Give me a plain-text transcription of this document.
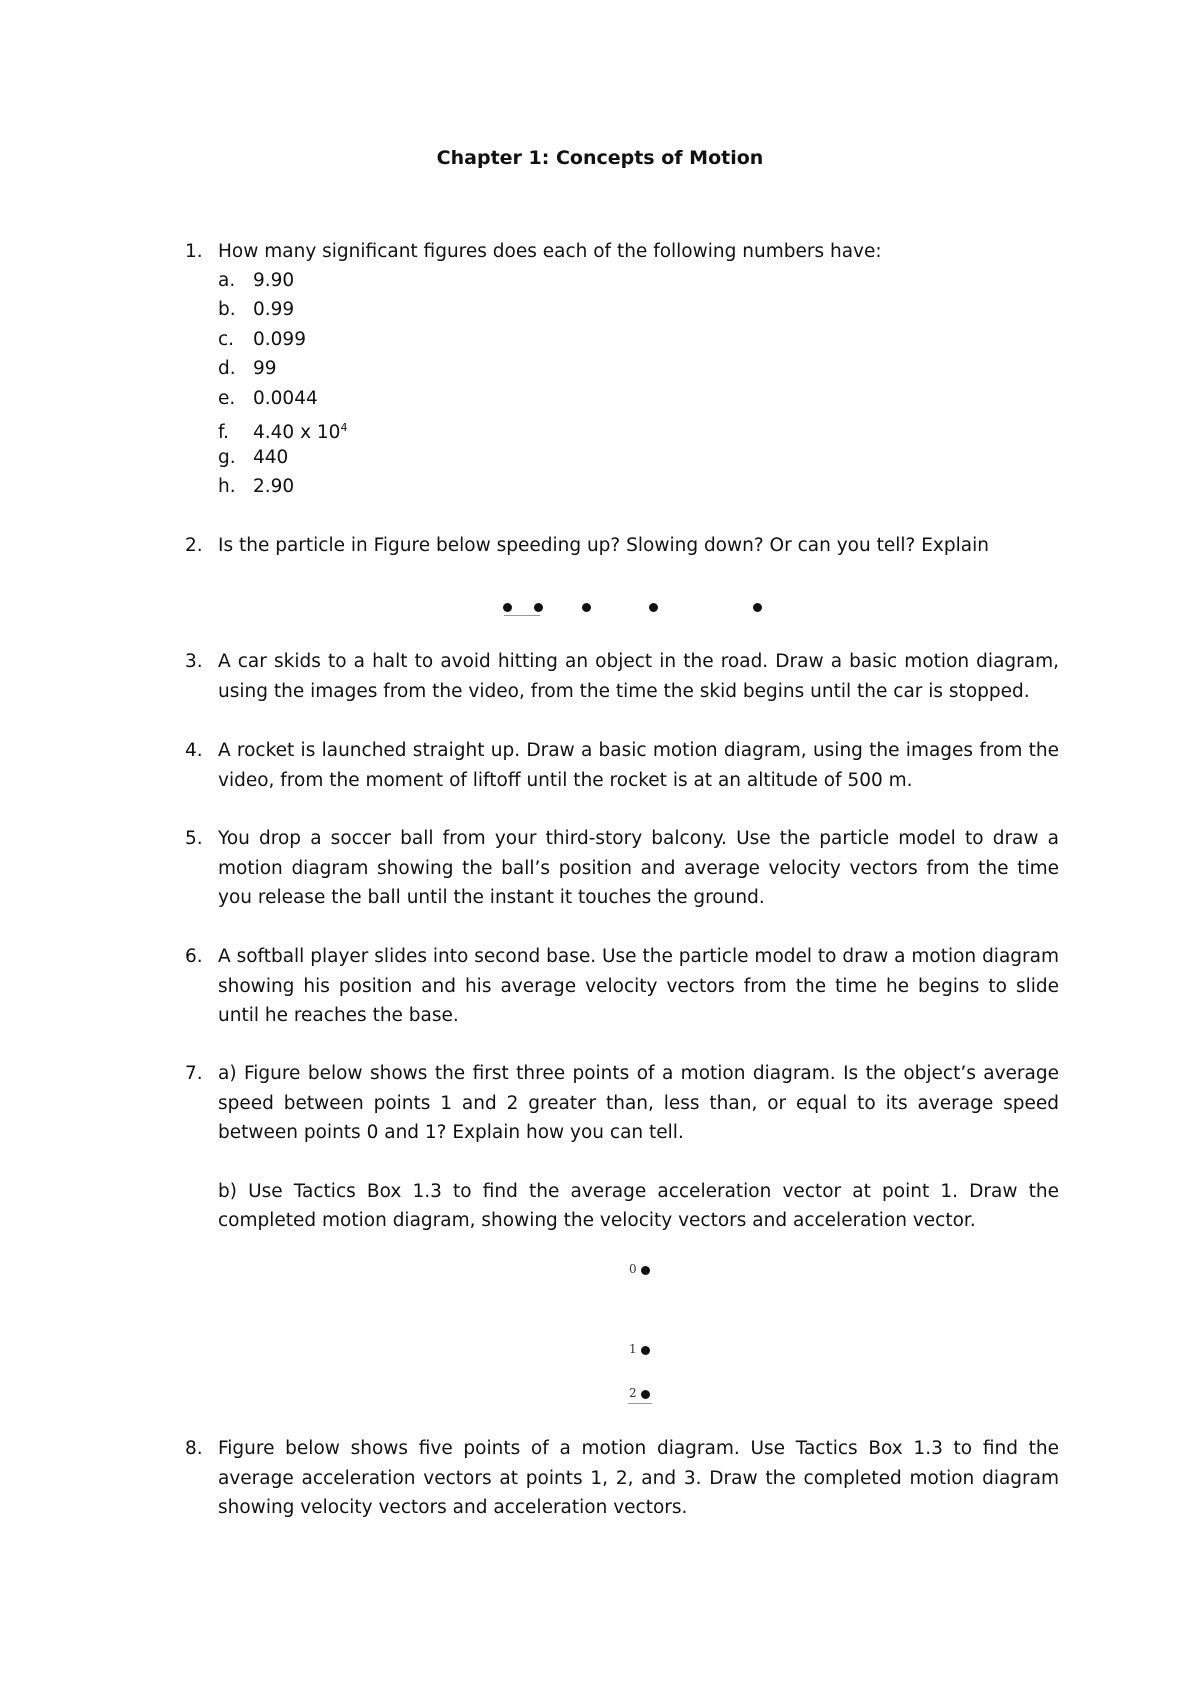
Chapter 1: Concepts of Motion
1. How many significant figures does each of the following numbers have:
a. 9.90
b. 0.99
c. 0.099
d. 99
e. 0.0044
f. 4.40 x $10^4$
g. 440
h. 2.90
2. Is the particle in Figure below speeding up? Slowing down? Or can you tell? Explain
3. A car skids to a halt to avoid hitting an object in the road. Draw a basic motion diagram, using the images from the video, from the time the skid begins until the car is stopped.
4. A rocket is launched straight up. Draw a basic motion diagram, using the images from the video, from the moment of liftoff until the rocket is at an altitude of 500 m.
5. You drop a soccer ball from your third-story balcony. Use the particle model to draw a motion diagram showing the ball’s position and average velocity vectors from the time you release the ball until the instant it touches the ground.
6. A softball player slides into second base. Use the particle model to draw a motion diagram showing his position and his average velocity vectors from the time he begins to slide until he reaches the base.
7. a) Figure below shows the first three points of a motion diagram. Is the object’s average speed between points 1 and 2 greater than, less than, or equal to its average speed between points 0 and 1? Explain how you can tell.
b) Use Tactics Box 1.3 to find the average acceleration vector at point 1. Draw the completed motion diagram, showing the velocity vectors and acceleration vector.
0
1
2
8. Figure below shows five points of a motion diagram. Use Tactics Box 1.3 to find the average acceleration vectors at points 1, 2, and 3. Draw the completed motion diagram showing velocity vectors and acceleration vectors.
